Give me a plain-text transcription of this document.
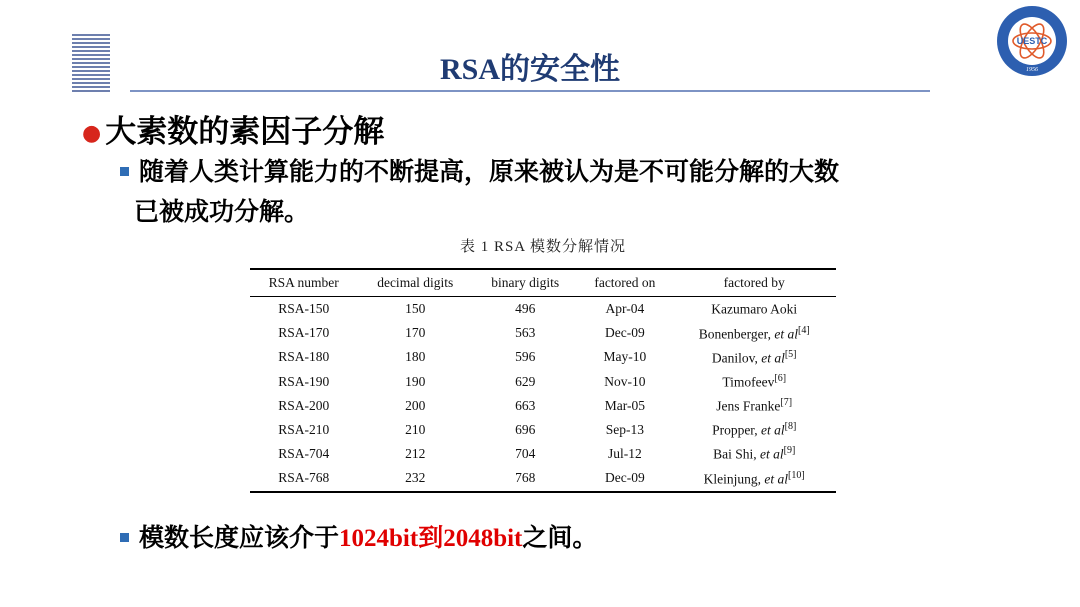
RSA的安全性
UESTC
1956
● 大素数的素因子分解
随着人类计算能力的不断提高，原来被认为是不可能分解的大数
已被成功分解。
表 1 RSA 模数分解情况
RSA number	decimal digits	binary digits	factored on	factored by
RSA-150	150	496	Apr-04	Kazumaro Aoki
RSA-170	170	563	Dec-09	Bonenberger, et al[4]
RSA-180	180	596	May-10	Danilov, et al[5]
RSA-190	190	629	Nov-10	Timofeev[6]
RSA-200	200	663	Mar-05	Jens Franke[7]
RSA-210	210	696	Sep-13	Propper, et al[8]
RSA-704	212	704	Jul-12	Bai Shi, et al[9]
RSA-768	232	768	Dec-09	Kleinjung, et al[10]
模数长度应该介于1024bit到2048bit之间。
